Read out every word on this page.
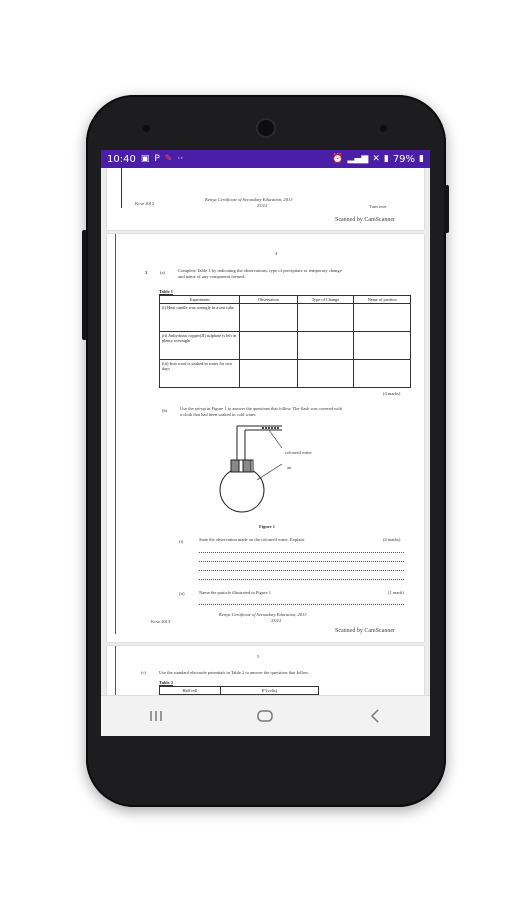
10:40 ▣ P ✎ ··	⏰ ▂▄▆ ✕ ▮ 79% ▮
Kcse 2013
Kenya Certificate of Secondary Education, 2013
233/2	Turn over
Scanned by CamScanner
4
3	(a)	Complete Table 1 by indicating the observations, type of precipitate or temporary change
and name of any component formed.
Table 1
Experiment	Observation	Type of Change	Name of product
(i) Heat candle wax strongly in a test tube			
(ii) Anhydrous copper(II) sulphate is left in plenty overnight			
(iii) Iron wool is soaked in water for two days			
(4 marks)
(b)	Use the set-up in Figure 1 to answer the questions that follow. The flask was covered with
a cloth that had been soaked in cold water.
coloured water
air
Figure 1
(i)	State the observation made on the coloured water. Explain.	(2 marks)
(ii)	Name the particle illustrated in Figure 1	(1 mark)
Kcse 2013
Kenya Certificate of Secondary Education, 2013
233/2
Scanned by CamScanner
5
(c)	Use the standard electrode potentials in Table 2 to answer the questions that follow.
Table 2
Half cell	E°(volts)
